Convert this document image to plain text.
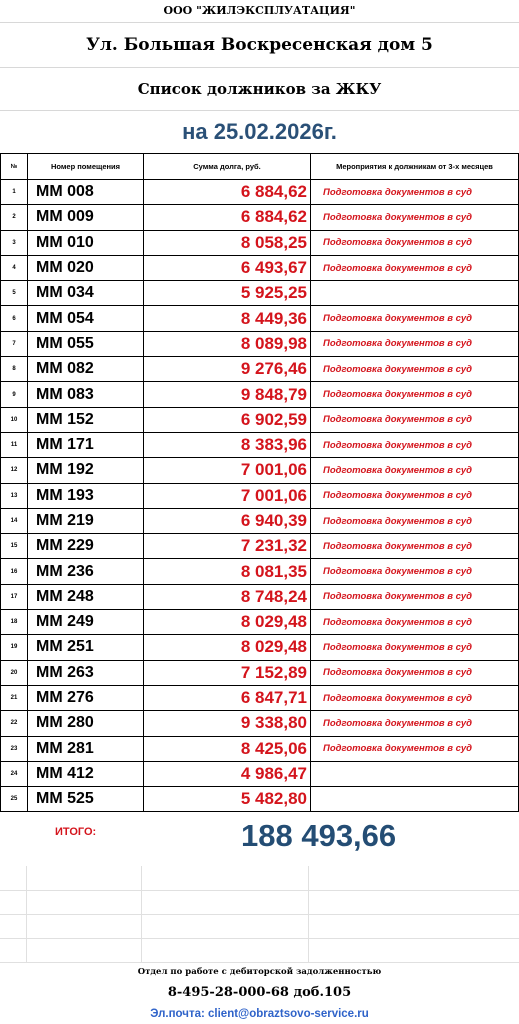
ООО "ЖИЛЭКСПЛУАТАЦИЯ"
Ул. Большая Воскресенская дом 5
Список должников за ЖКУ
на 25.02.2026г.
№	Номер помещения	Сумма долга, руб.	Мероприятия к должникам от 3-х месяцев
1	ММ 008	6 884,62	Подготовка документов в суд
2	ММ 009	6 884,62	Подготовка документов в суд
3	ММ 010	8 058,25	Подготовка документов в суд
4	ММ 020	6 493,67	Подготовка документов в суд
5	ММ 034	5 925,25	
6	ММ 054	8 449,36	Подготовка документов в суд
7	ММ 055	8 089,98	Подготовка документов в суд
8	ММ 082	9 276,46	Подготовка документов в суд
9	ММ 083	9 848,79	Подготовка документов в суд
10	ММ 152	6 902,59	Подготовка документов в суд
11	ММ 171	8 383,96	Подготовка документов в суд
12	ММ 192	7 001,06	Подготовка документов в суд
13	ММ 193	7 001,06	Подготовка документов в суд
14	ММ 219	6 940,39	Подготовка документов в суд
15	ММ 229	7 231,32	Подготовка документов в суд
16	ММ 236	8 081,35	Подготовка документов в суд
17	ММ 248	8 748,24	Подготовка документов в суд
18	ММ 249	8 029,48	Подготовка документов в суд
19	ММ 251	8 029,48	Подготовка документов в суд
20	ММ 263	7 152,89	Подготовка документов в суд
21	ММ 276	6 847,71	Подготовка документов в суд
22	ММ 280	9 338,80	Подготовка документов в суд
23	ММ 281	8 425,06	Подготовка документов в суд
24	ММ 412	4 986,47	
25	ММ 525	5 482,80	
ИТОГО:	188 493,66
Отдел по работе с дебиторской задолженностью
8-495-28-000-68 доб.105
Эл.почта: client@obraztsovo-service.ru
